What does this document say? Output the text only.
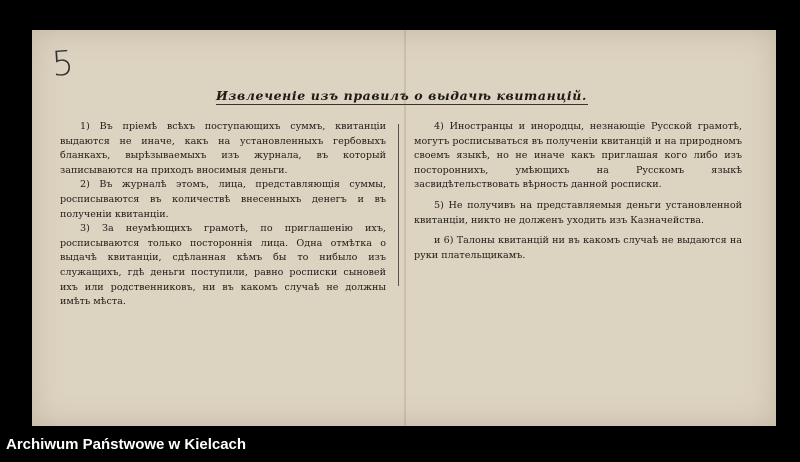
5
Извлеченіе изъ правилъ о выдачѣ квитанцій.

1) Въ пріемѣ всѣхъ поступающихъ суммъ, квитанціи выдаются не иначе, какъ на установленныхъ гербовыхъ бланкахъ, вырѣзываемыхъ изъ журнала, въ который записываются на приходъ вносимыя деньги.

2) Въ журналѣ этомъ, лица, представляющія суммы, росписываются въ количествѣ внесенныхъ денегъ и въ полученіи квитанціи.

3) За неумѣющихъ грамотѣ, по приглашенію ихъ, росписываются только постороннія лица. Одна отмѣтка о выдачѣ квитанціи, сдѣланная кѣмъ бы то нибыло изъ служащихъ, гдѣ деньги поступили, равно росписки сыновей ихъ или родственниковъ, ни въ какомъ случаѣ не должны имѣть мѣста.

4) Иностранцы и инородцы, незнающіе Русской грамотѣ, могутъ росписываться въ полученіи квитанцій и на природномъ своемъ языкѣ, но не иначе какъ приглашая кого либо изъ постороннихъ, умѣющихъ на Русскомъ языкѣ засвидѣтельствовать вѣрность данной росписки.

5) Не получивъ на представляемыя деньги установленной квитанціи, никто не долженъ уходить изъ Казначейства.

и 6) Талоны квитанцій ни въ какомъ случаѣ не выдаются на руки плательщикамъ.

Archiwum Państwowe w Kielcach
